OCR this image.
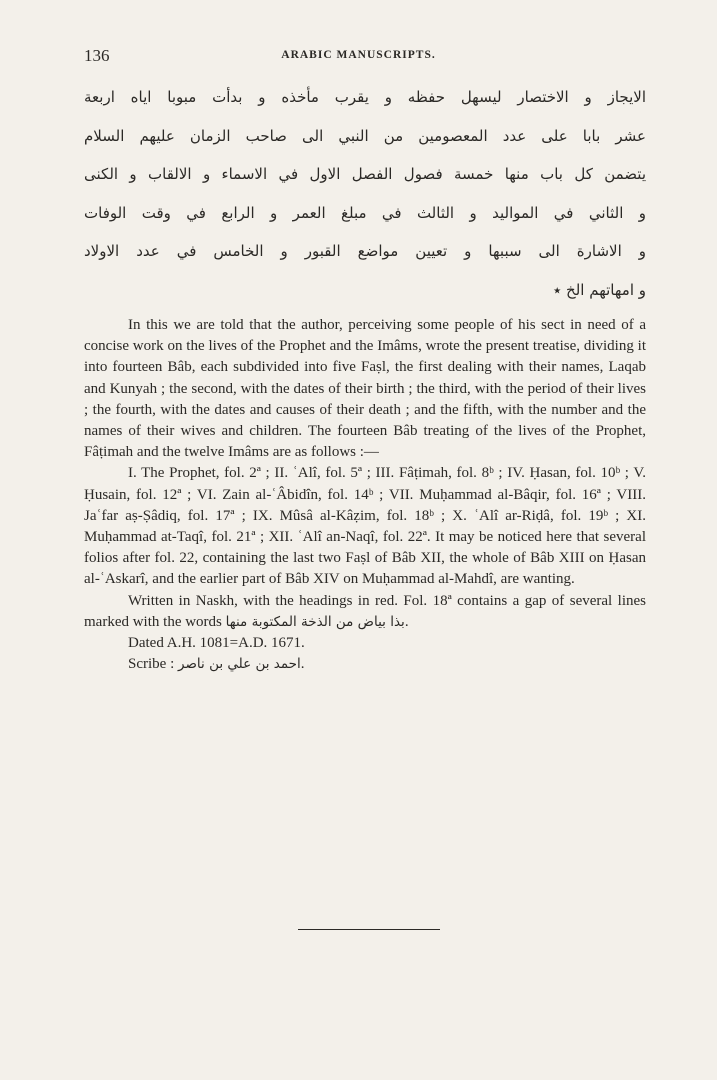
136	ARABIC MANUSCRIPTS.
الايجاز و الاختصار ليسهل حفظه و يقرب مأخذه و بدأت مبوبا اياه اربعة
عشر بابا على عدد المعصومين من النبي الى صاحب الزمان عليهم السلام
يتضمن كل باب منها خمسة فصول الفصل الاول في الاسماء و الالقاب و الكنى
و الثاني في المواليد و الثالث في مبلغ العمر و الرابع في وقت الوفات
و الاشارة الى سببها و تعيين مواضع القبور و الخامس في عدد الاولاد
و امهاتهم الخ ٭

In this we are told that the author, perceiving some people of his sect in need of a concise work on the lives of the Prophet and the Imâms, wrote the present treatise, dividing it into fourteen Bâb, each subdivided into five Faṣl, the first dealing with their names, Laqab and Kunyah ; the second, with the dates of their birth ; the third, with the period of their lives ; the fourth, with the dates and causes of their death ; and the fifth, with the number and the names of their wives and children. The fourteen Bâb treating of the lives of the Prophet, Fâṭimah and the twelve Imâms are as follows :—

I. The Prophet, fol. 2ª ; II. ʿAlî, fol. 5ª ; III. Fâṭimah, fol. 8ᵇ ; IV. Ḥasan, fol. 10ᵇ ; V. Ḥusain, fol. 12ª ; VI. Zain al-ʿÂbidîn, fol. 14ᵇ ; VII. Muḥammad al-Bâqir, fol. 16ª ; VIII. Jaʿfar aṣ-Ṣâdiq, fol. 17ª ; IX. Mûsâ al-Kâẓim, fol. 18ᵇ ; X. ʿAlî ar-Riḍâ, fol. 19ᵇ ; XI. Muḥammad at-Taqî, fol. 21ª ; XII. ʿAlî an-Naqî, fol. 22ª. It may be noticed here that several folios after fol. 22, containing the last two Faṣl of Bâb XII, the whole of Bâb XIII on Ḥasan al-ʿAskarî, and the earlier part of Bâb XIV on Muḥammad al-Mahdî, are wanting.

Written in Naskh, with the headings in red. Fol. 18ª contains a gap of several lines marked with the words بذا بياض من الذخة المكتوبة منها.

Dated A.H. 1081=A.D. 1671.

Scribe : احمد بن علي بن ناصر.
